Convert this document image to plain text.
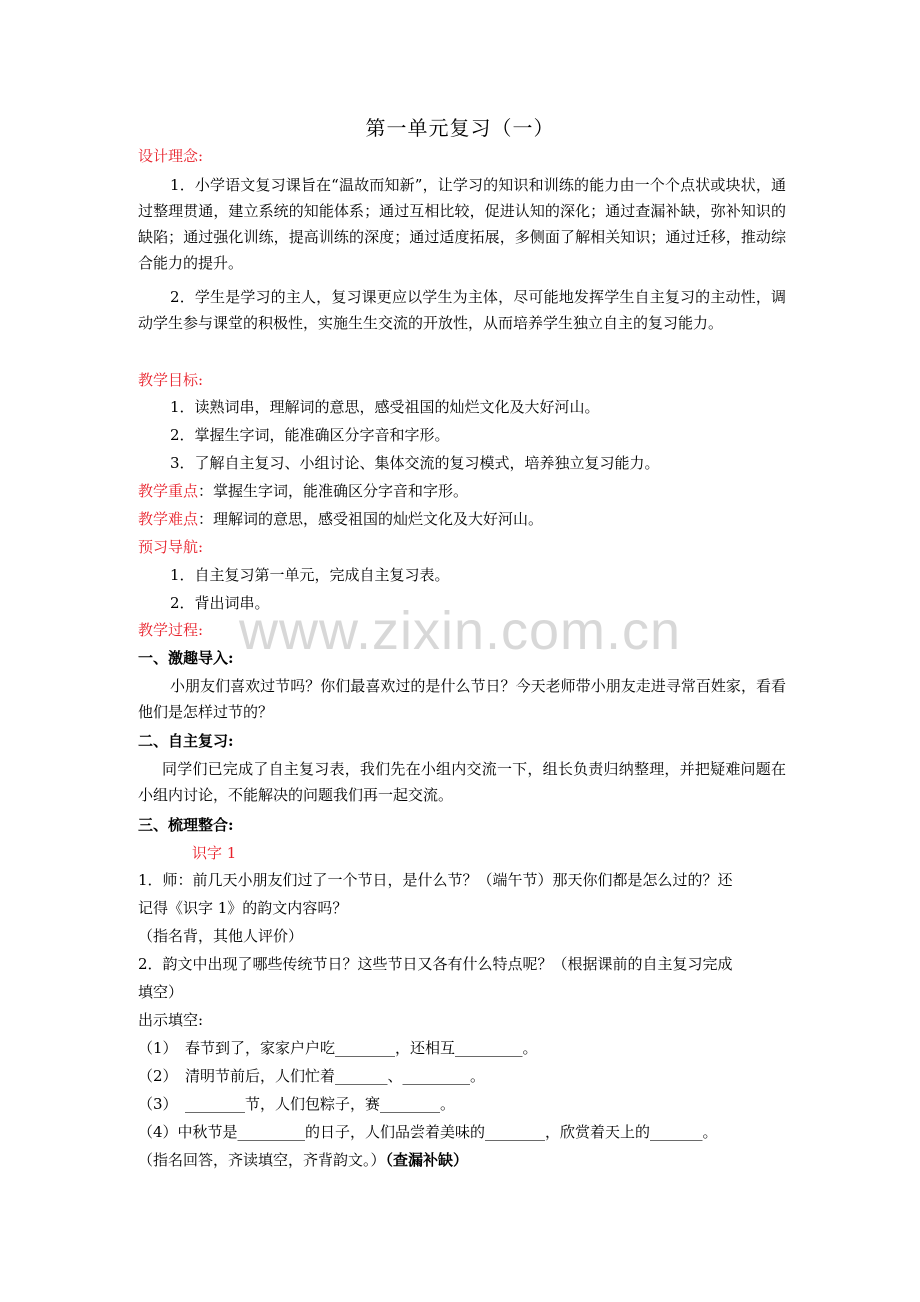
www.zixin.com.cn
第一单元复习（一）
设计理念:
1．小学语文复习课旨在“温故而知新”，让学习的知识和训练的能力由一个个点状或块状，通过整理贯通，建立系统的知能体系；通过互相比较，促进认知的深化；通过查漏补缺，弥补知识的缺陷；通过强化训练，提高训练的深度；通过适度拓展，多侧面了解相关知识；通过迁移，推动综合能力的提升。
2．学生是学习的主人，复习课更应以学生为主体，尽可能地发挥学生自主复习的主动性，调动学生参与课堂的积极性，实施生生交流的开放性，从而培养学生独立自主的复习能力。
教学目标:
1．读熟词串，理解词的意思，感受祖国的灿烂文化及大好河山。
2．掌握生字词，能准确区分字音和字形。
3．了解自主复习、小组讨论、集体交流的复习模式，培养独立复习能力。
教学重点：掌握生字词，能准确区分字音和字形。
教学难点：理解词的意思，感受祖国的灿烂文化及大好河山。
预习导航:
1．自主复习第一单元，完成自主复习表。
2．背出词串。
教学过程:
一、激趣导入:
小朋友们喜欢过节吗？你们最喜欢过的是什么节日？今天老师带小朋友走进寻常百姓家，看看他们是怎样过节的？
二、自主复习:
同学们已完成了自主复习表，我们先在小组内交流一下，组长负责归纳整理，并把疑难问题在小组内讨论，不能解决的问题我们再一起交流。
三、梳理整合:
识字 1
1．师：前几天小朋友们过了一个节日，是什么节？（端午节）那天你们都是怎么过的？还
记得《识字 1》的韵文内容吗？
（指名背，其他人评价）
2．韵文中出现了哪些传统节日？这些节日又各有什么特点呢？（根据课前的自主复习完成
填空）
出示填空:
（1）　春节到了，家家户户吃________，还相互_________。
（2）　清明节前后，人们忙着_______、_________。
（3）　________节，人们包粽子，赛________。
（4）中秋节是_________的日子，人们品尝着美味的________，欣赏着天上的_______。
（指名回答，齐读填空，齐背韵文。）（查漏补缺）
